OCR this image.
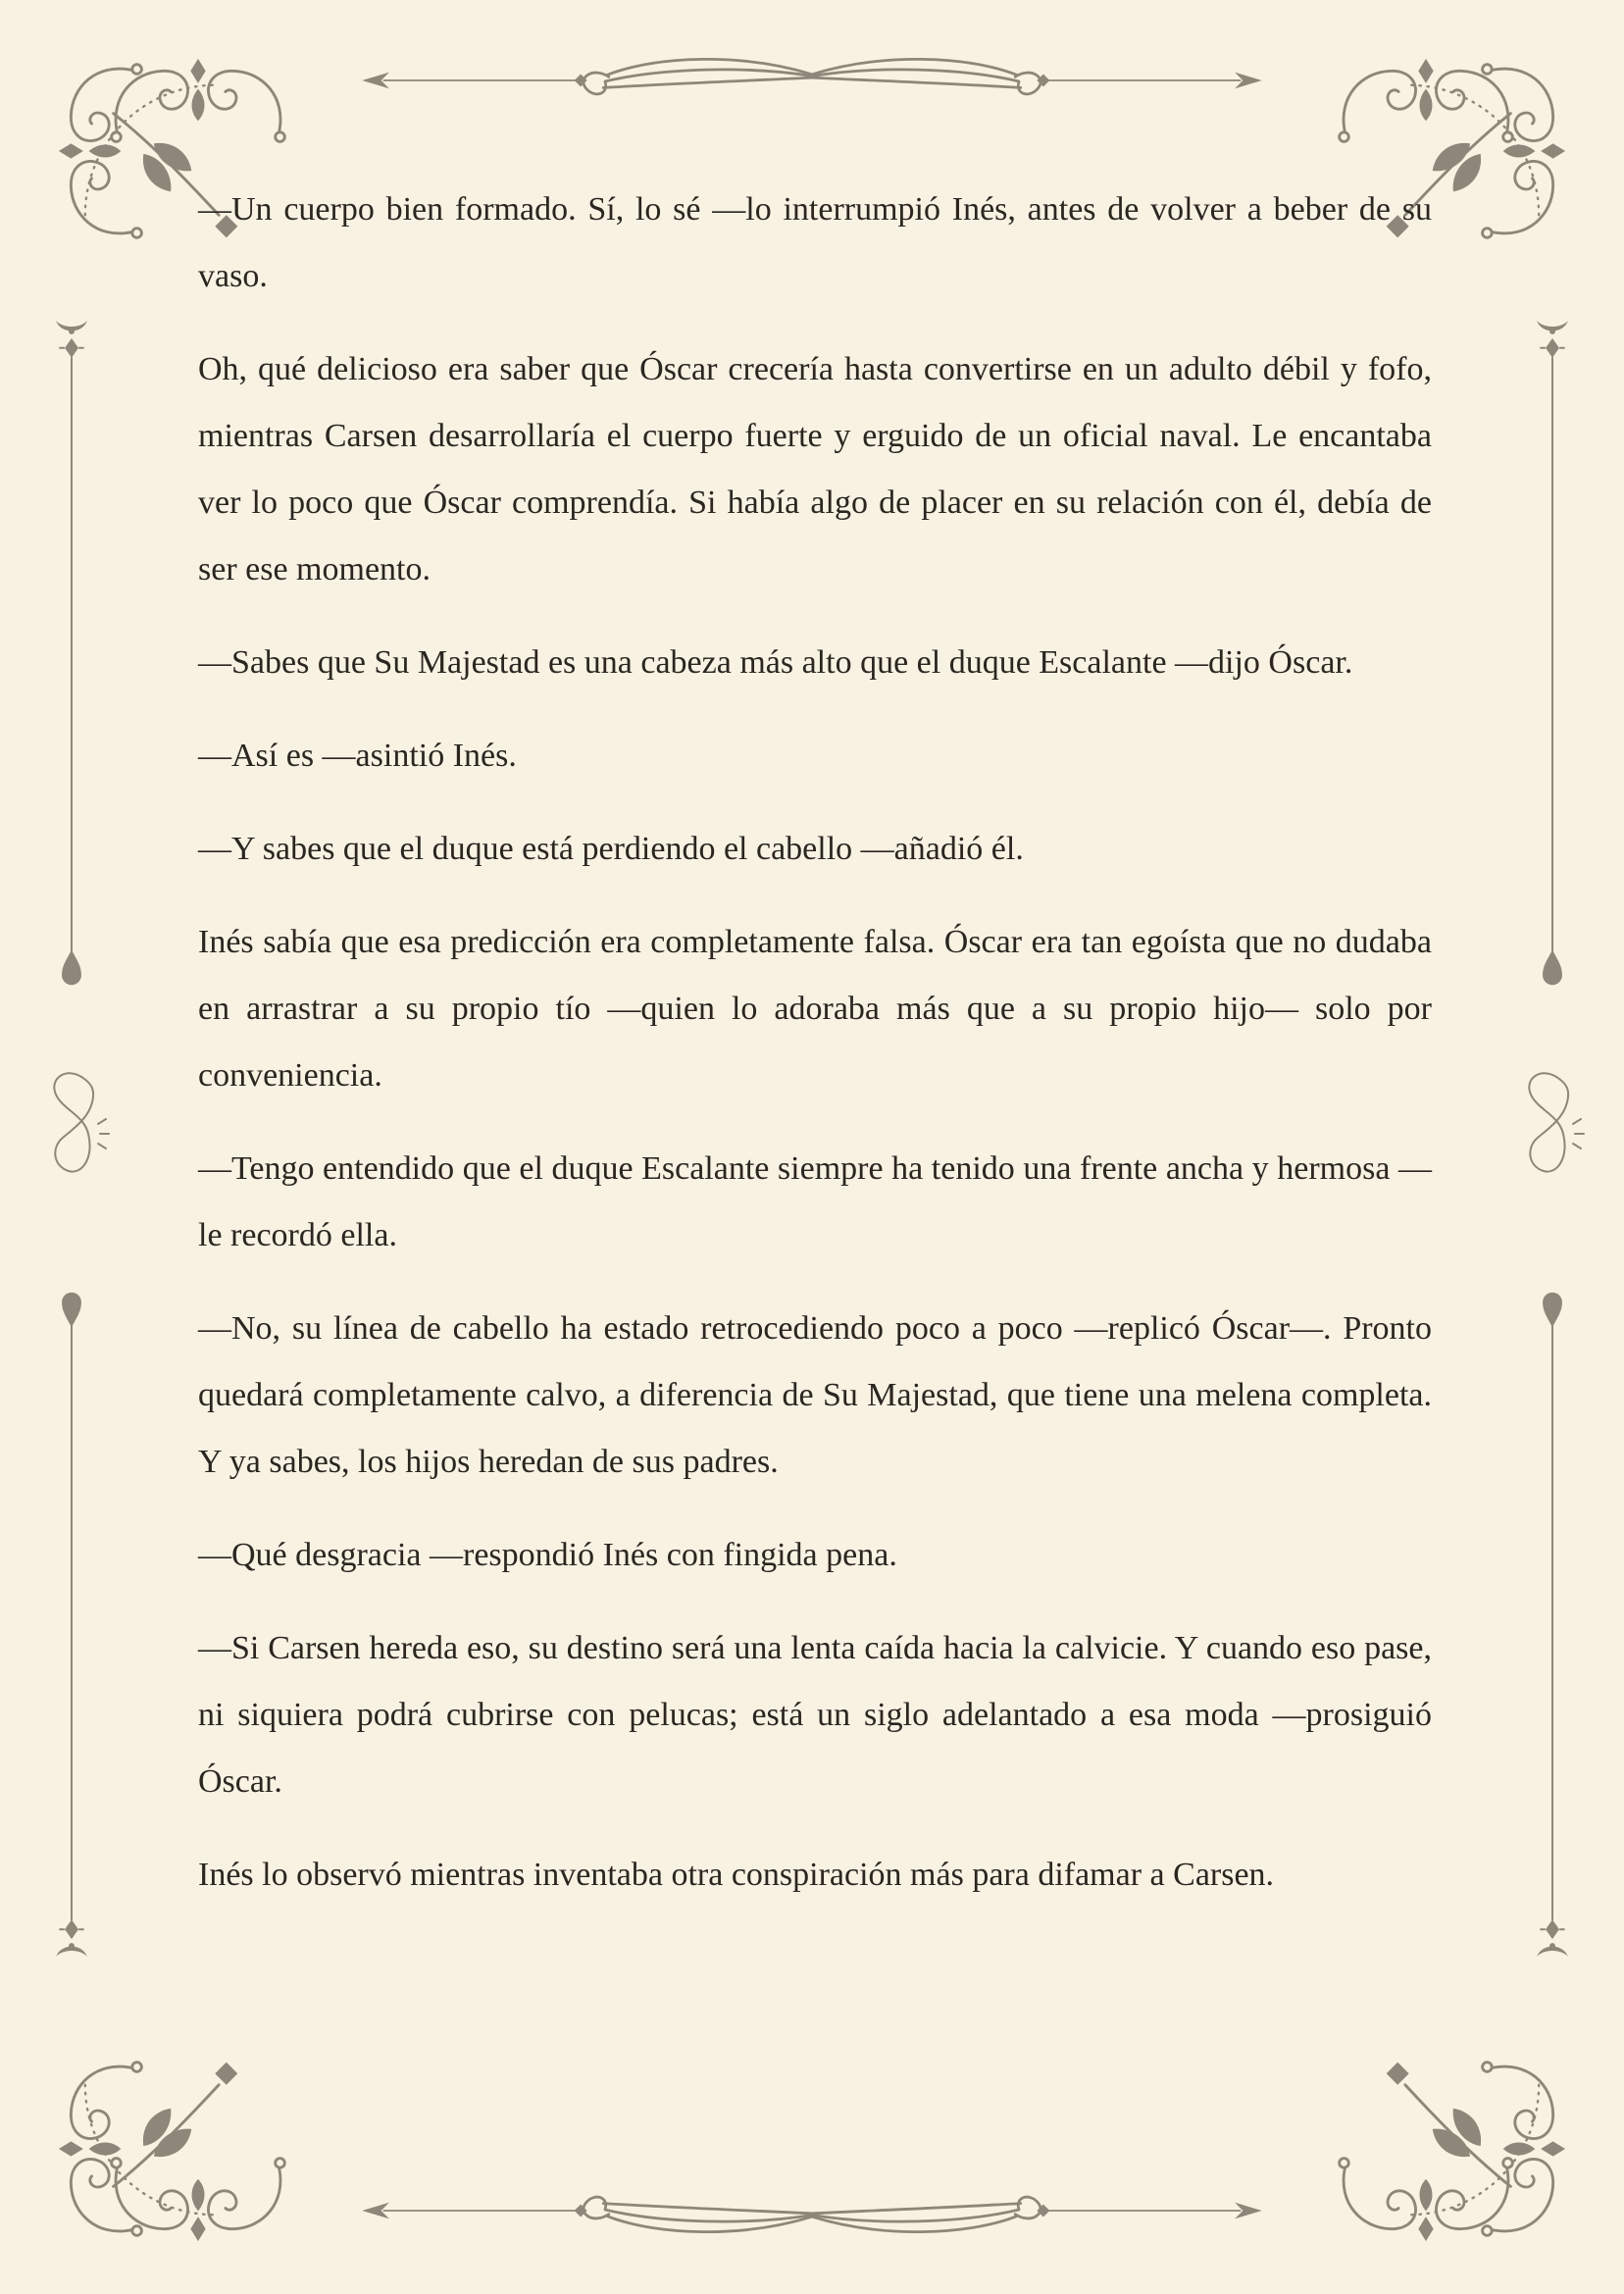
—Un cuerpo bien formado. Sí, lo sé —lo interrumpió Inés, antes de volver a beber de su vaso.

Oh, qué delicioso era saber que Óscar crecería hasta convertirse en un adulto débil y fofo, mientras Carsen desarrollaría el cuerpo fuerte y erguido de un oficial naval. Le encantaba ver lo poco que Óscar comprendía. Si había algo de placer en su relación con él, debía de ser ese momento.

—Sabes que Su Majestad es una cabeza más alto que el duque Escalante —dijo Óscar.

—Así es —asintió Inés.

—Y sabes que el duque está perdiendo el cabello —añadió él.

Inés sabía que esa predicción era completamente falsa. Óscar era tan egoísta que no dudaba en arrastrar a su propio tío —quien lo adoraba más que a su propio hijo— solo por conveniencia.

—Tengo entendido que el duque Escalante siempre ha tenido una frente ancha y hermosa —le recordó ella.

—No, su línea de cabello ha estado retrocediendo poco a poco —replicó Óscar—. Pronto quedará completamente calvo, a diferencia de Su Majestad, que tiene una melena completa. Y ya sabes, los hijos heredan de sus padres.

—Qué desgracia —respondió Inés con fingida pena.

—Si Carsen hereda eso, su destino será una lenta caída hacia la calvicie. Y cuando eso pase, ni siquiera podrá cubrirse con pelucas; está un siglo adelantado a esa moda —prosiguió Óscar.

Inés lo observó mientras inventaba otra conspiración más para difamar a Carsen.
